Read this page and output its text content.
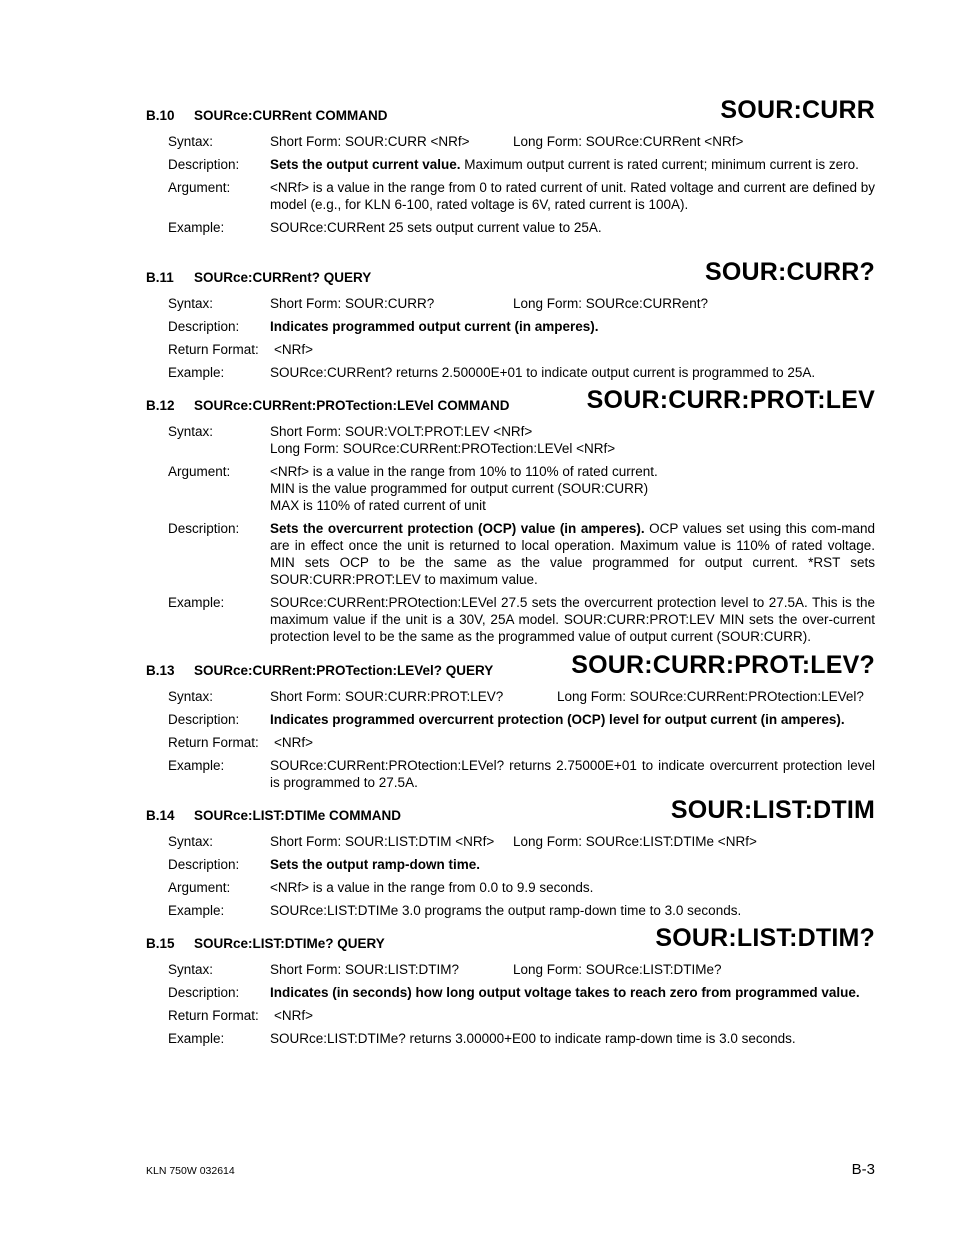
B.10 SOURce:CURRent COMMAND	SOUR:CURR
Syntax:	Short Form: SOUR:CURR <NRf>	Long Form: SOURce:CURRent <NRf>
Description: Sets the output current value. Maximum output current is rated current; minimum current is zero.
Argument:	<NRf> is a value in the range from 0 to rated current of unit. Rated voltage and current are defined by model (e.g., for KLN 6-100, rated voltage is 6V, rated current is 100A).
Example:	SOURce:CURRent 25 sets output current value to 25A.
B.11 SOURce:CURRent? QUERY	SOUR:CURR?
Syntax:	Short Form: SOUR:CURR?	Long Form: SOURce:CURRent?
Description: Indicates programmed output current (in amperes).
Return Format: <NRf>
Example:	SOURce:CURRent? returns 2.50000E+01 to indicate output current is programmed to 25A.
B.12 SOURce:CURRent:PROTection:LEVel COMMAND	SOUR:CURR:PROT:LEV
Syntax:	Short Form: SOUR:VOLT:PROT:LEV <NRf>
Long Form: SOURce:CURRent:PROTection:LEVel <NRf>
Argument:	<NRf> is a value in the range from 10% to 110% of rated current.
MIN is the value programmed for output current (SOUR:CURR)
MAX is 110% of rated current of unit
Description: Sets the overcurrent protection (OCP) value (in amperes). OCP values set using this com-mand are in effect once the unit is returned to local operation. Maximum value is 110% of rated voltage. MIN sets OCP to be the same as the value programmed for output current. *RST sets SOUR:CURR:PROT:LEV to maximum value.
Example:	SOURce:CURRent:PROtection:LEVel 27.5 sets the overcurrent protection level to 27.5A. This is the maximum value if the unit is a 30V, 25A model. SOUR:CURR:PROT:LEV MIN sets the over-current protection level to be the same as the programmed value of output current (SOUR:CURR).
B.13 SOURce:CURRent:PROTection:LEVel? QUERY	SOUR:CURR:PROT:LEV?
Syntax:	Short Form: SOUR:CURR:PROT:LEV?	Long Form: SOURce:CURRent:PROtection:LEVel?
Description: Indicates programmed overcurrent protection (OCP) level for output current (in amperes).
Return Format: <NRf>
Example:	SOURce:CURRent:PROtection:LEVel? returns 2.75000E+01 to indicate overcurrent protection level is programmed to 27.5A.
B.14 SOURce:LIST:DTIMe COMMAND	SOUR:LIST:DTIM
Syntax:	Short Form: SOUR:LIST:DTIM <NRf>	Long Form: SOURce:LIST:DTIMe <NRf>
Description: Sets the output ramp-down time.
Argument:	<NRf> is a value in the range from 0.0 to 9.9 seconds.
Example:	SOURce:LIST:DTIMe 3.0 programs the output ramp-down time to 3.0 seconds.
B.15 SOURce:LIST:DTIMe? QUERY	SOUR:LIST:DTIM?
Syntax:	Short Form: SOUR:LIST:DTIM?	Long Form: SOURce:LIST:DTIMe?
Description: Indicates (in seconds) how long output voltage takes to reach zero from programmed value.
Return Format: <NRf>
Example:	SOURce:LIST:DTIMe? returns 3.00000+E00 to indicate ramp-down time is 3.0 seconds.
KLN 750W 032614	B-3
